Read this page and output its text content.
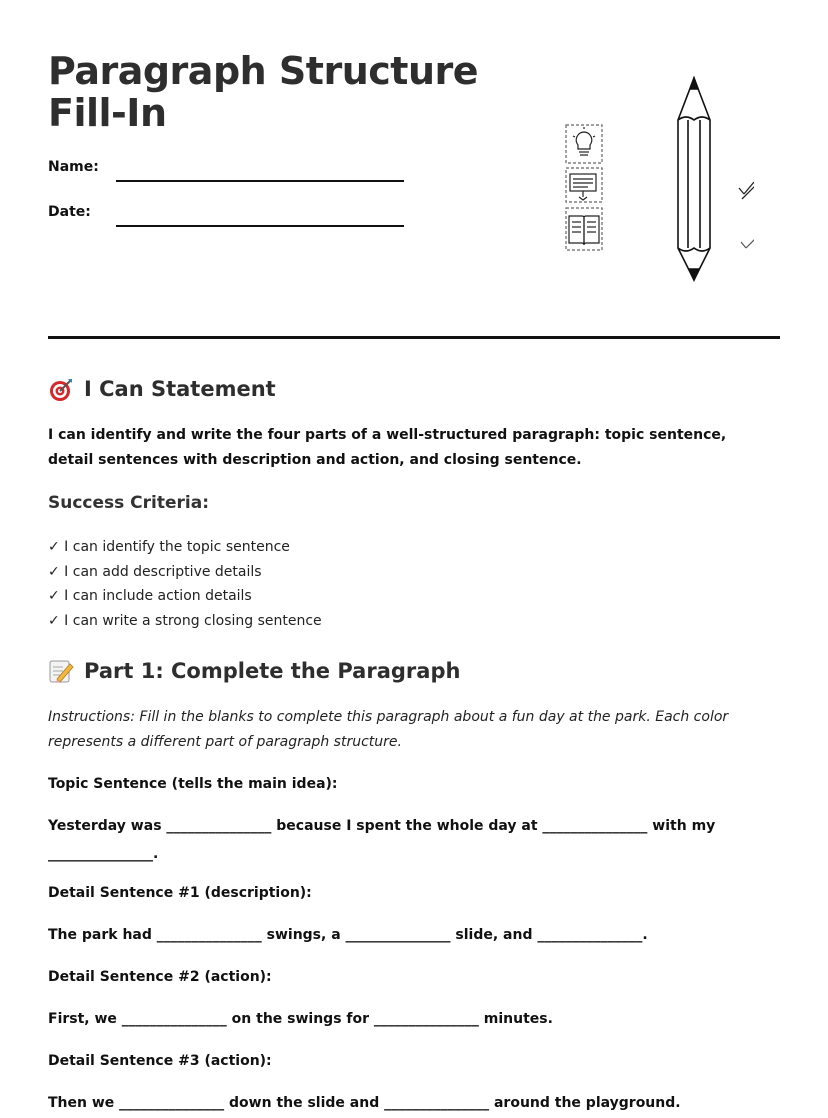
Paragraph Structure
Fill-In
Name:
Date:
I Can Statement

I can identify and write the four parts of a well-structured paragraph: topic sentence, detail sentences with description and action, and closing sentence.

Success Criteria:
✓ I can identify the topic sentence
✓ I can add descriptive details
✓ I can include action details
✓ I can write a strong closing sentence
Part 1: Complete the Paragraph

Instructions: Fill in the blanks to complete this paragraph about a fun day at the park. Each color represents a different part of paragraph structure.

Topic Sentence (tells the main idea):

Yesterday was _______________ because I spent the whole day at _______________ with my _______________.

Detail Sentence #1 (description):

The park had _______________ swings, a _______________ slide, and _______________.

Detail Sentence #2 (action):

First, we _______________ on the swings for _______________ minutes.

Detail Sentence #3 (action):

Then we _______________ down the slide and _______________ around the playground.
